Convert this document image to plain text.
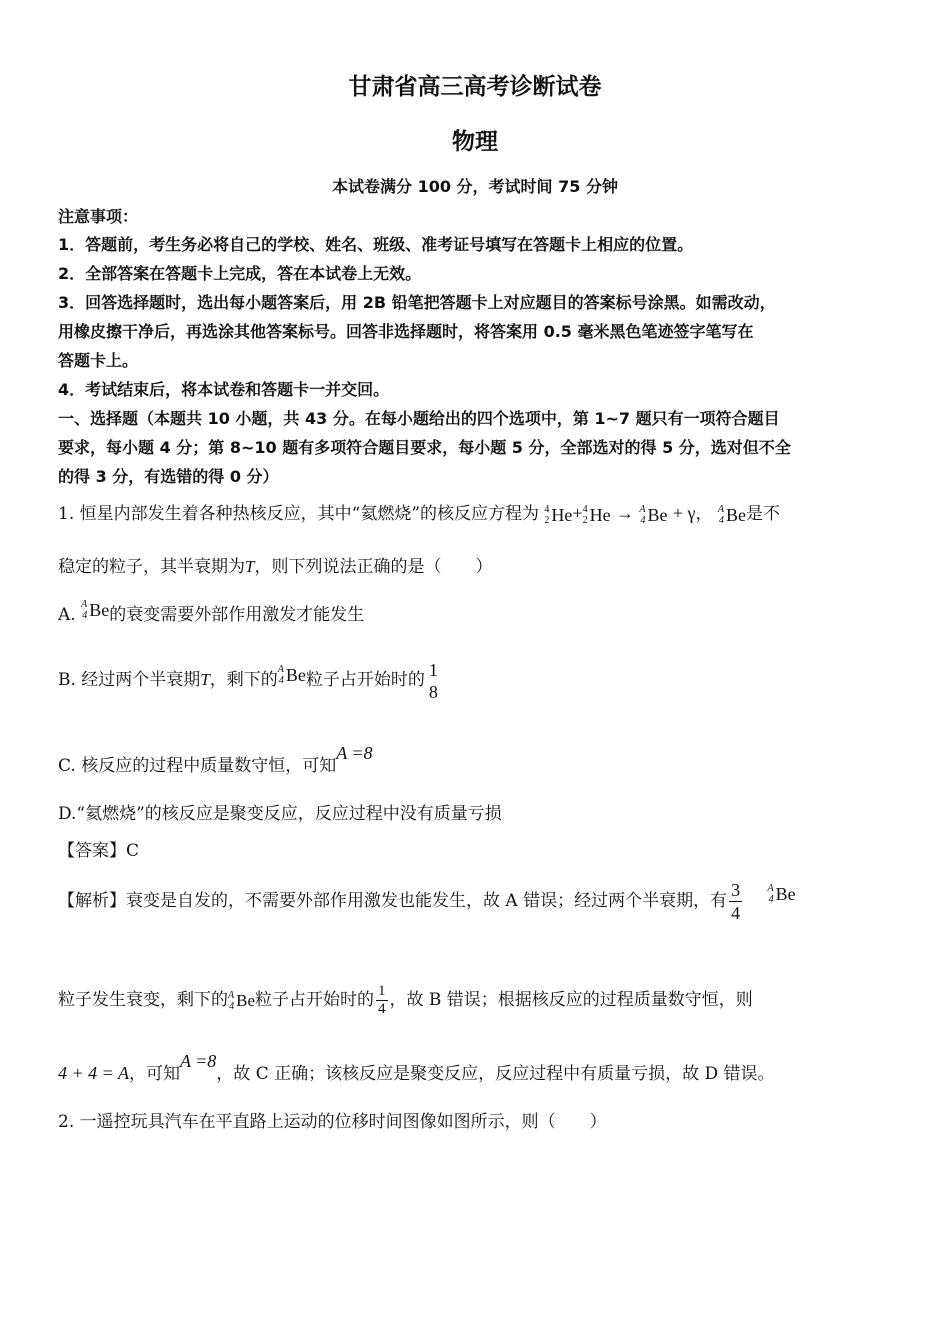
甘肃省高三高考诊断试卷
物理
本试卷满分 100 分，考试时间 75 分钟
注意事项：
1．答题前，考生务必将自己的学校、姓名、班级、准考证号填写在答题卡上相应的位置。
2．全部答案在答题卡上完成，答在本试卷上无效。
3．回答选择题时，选出每小题答案后，用 2B 铅笔把答题卡上对应题目的答案标号涂黑。如需改动，
用橡皮擦干净后，再选涂其他答案标号。回答非选择题时，将答案用 0.5 毫米黑色笔迹签字笔写在
答题卡上。
4．考试结束后，将本试卷和答题卡一并交回。
一、选择题（本题共 10 小题，共 43 分。在每小题给出的四个选项中，第 1~7 题只有一项符合题目
要求，每小题 4 分；第 8~10 题有多项符合题目要求，每小题 5 分，全部选对的得 5 分，选对但不全
的得 3 分，有选错的得 0 分）
1. 恒星内部发生着各种热核反应，其中“氦燃烧”的核反应方程为 4
2 He+ 4
2 He → A
4 Be + γ， A
4 Be是不
稳定的粒子，其半衰期为T，则下列说法正确的是（　　）
A.
A
4 Be的衰变需要外部作用激发才能发生
B. 经过两个半衰期T，剩下的
A
4 Be粒子占开始时的
1
8
C. 核反应的过程中质量数守恒，可知A =8
D.“氦燃烧”的核反应是聚变反应，反应过程中没有质量亏损
【答案】C
【解析】衰变是自发的，不需要外部作用激发也能发生，故 A 错误；经过两个半衰期，有 $\frac{3}{4}$
	A
4 Be
粒子发生衰变，剩下的 A
4 Be粒子占开始时的 $\frac{1}{4}$ ，故 B 错误；根据核反应的过程质量数守恒，则
4 + 4 = A，可知A =8，故 C 正确；该核反应是聚变反应，反应过程中有质量亏损，故 D 错误。
2. 一遥控玩具汽车在平直路上运动的位移时间图像如图所示，则（　　）
